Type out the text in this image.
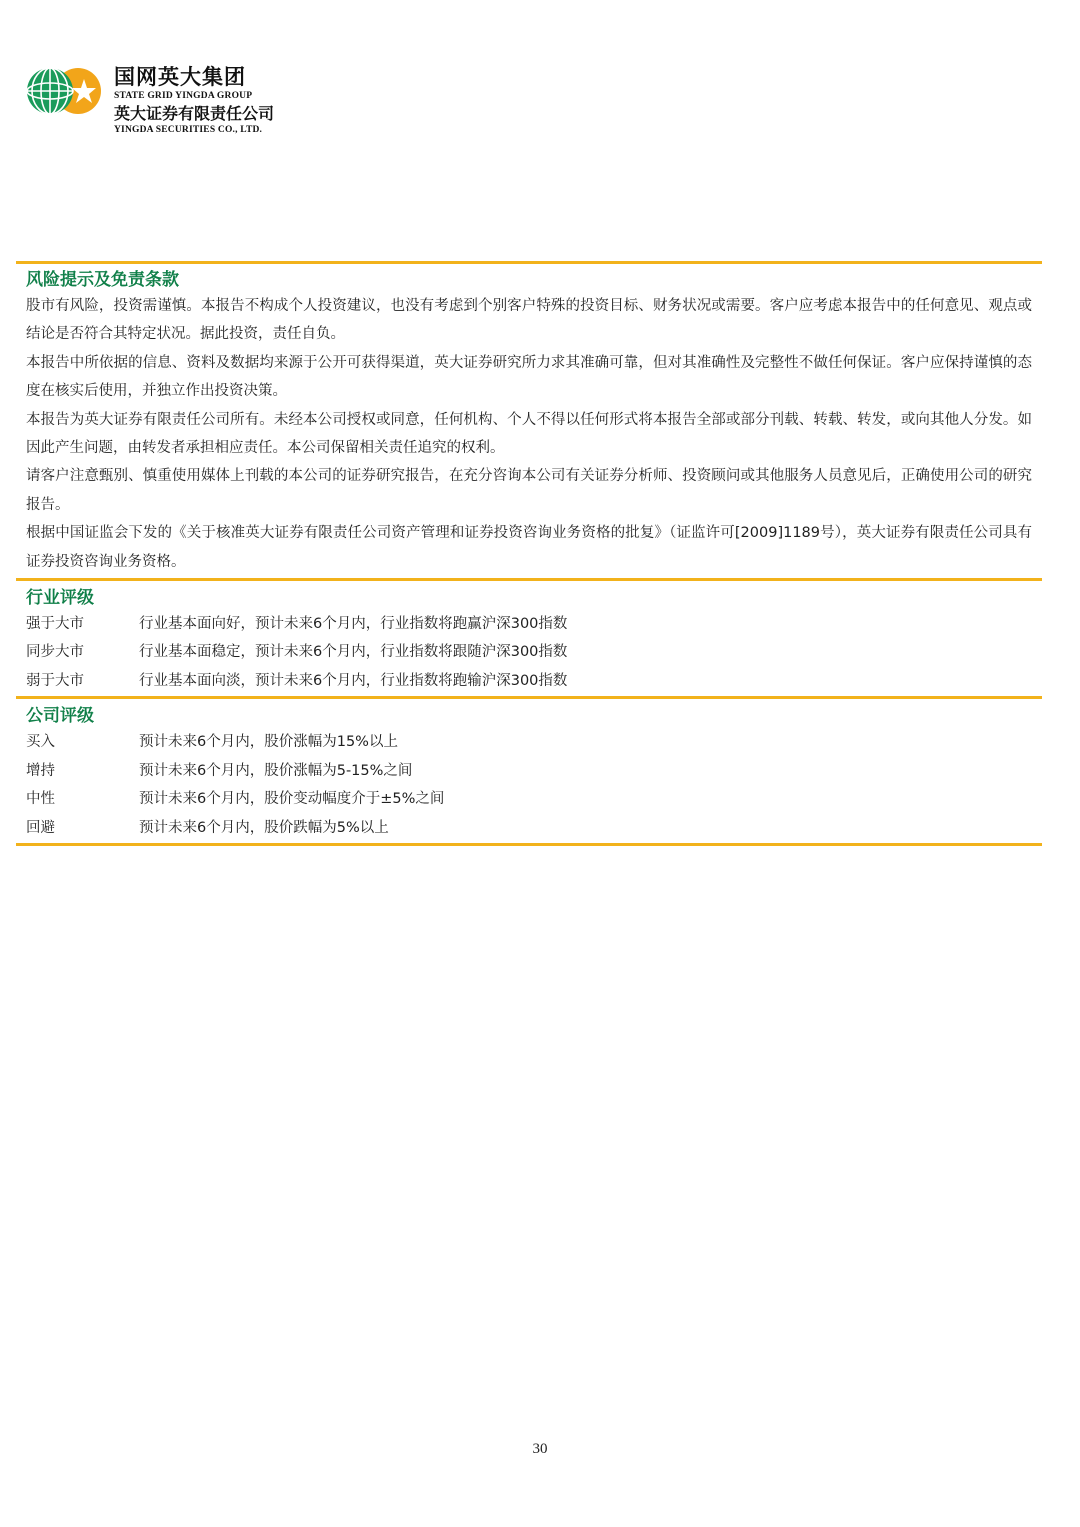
国网英大集团
STATE GRID YINGDA GROUP
英大证券有限责任公司
YINGDA SECURITIES CO., LTD.
风险提示及免责条款
股市有风险，投资需谨慎。本报告不构成个人投资建议，也没有考虑到个别客户特殊的投资目标、财务状况或需要。客户应考虑本报告中的任何意见、观点或结论是否符合其特定状况。据此投资，责任自负。
本报告中所依据的信息、资料及数据均来源于公开可获得渠道，英大证券研究所力求其准确可靠，但对其准确性及完整性不做任何保证。客户应保持谨慎的态度在核实后使用，并独立作出投资决策。
本报告为英大证券有限责任公司所有。未经本公司授权或同意，任何机构、个人不得以任何形式将本报告全部或部分刊载、转载、转发，或向其他人分发。如因此产生问题，由转发者承担相应责任。本公司保留相关责任追究的权利。
请客户注意甄别、慎重使用媒体上刊载的本公司的证券研究报告，在充分咨询本公司有关证券分析师、投资顾问或其他服务人员意见后，正确使用公司的研究报告。
根据中国证监会下发的《关于核准英大证券有限责任公司资产管理和证券投资咨询业务资格的批复》（证监许可[2009]1189号），英大证券有限责任公司具有证券投资咨询业务资格。
行业评级
强于大市	行业基本面向好，预计未来6个月内，行业指数将跑赢沪深300指数
同步大市	行业基本面稳定，预计未来6个月内，行业指数将跟随沪深300指数
弱于大市	行业基本面向淡，预计未来6个月内，行业指数将跑输沪深300指数
公司评级
买入	预计未来6个月内，股价涨幅为15%以上
增持	预计未来6个月内，股价涨幅为5-15%之间
中性	预计未来6个月内，股价变动幅度介于±5%之间
回避	预计未来6个月内，股价跌幅为5%以上
30
